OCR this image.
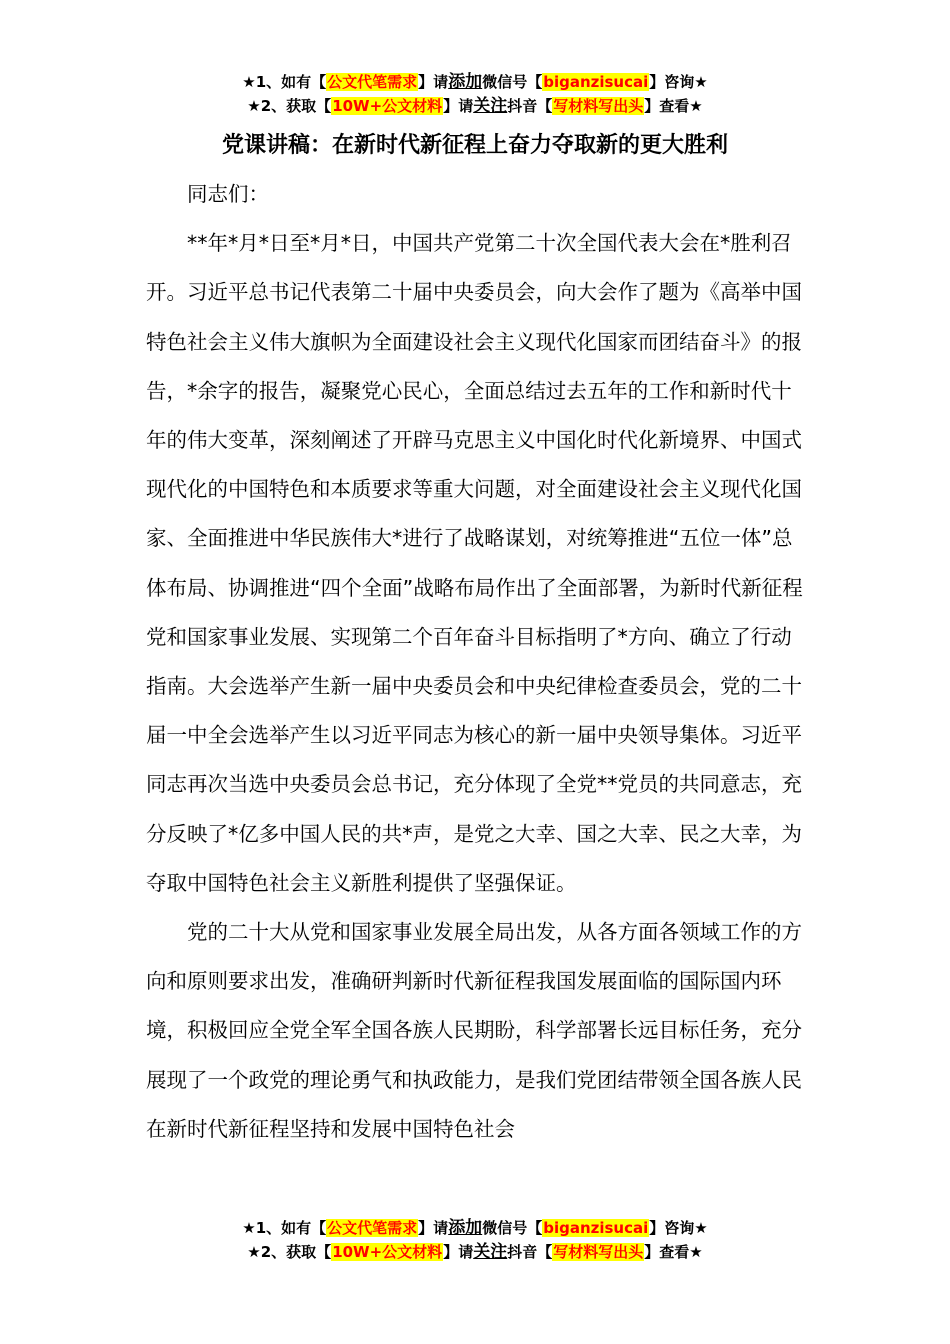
★1、如有【公文代笔需求】请添加微信号【biganzisucai】咨询★
★2、获取【10W+公文材料】请关注抖音【写材料写出头】查看★
党课讲稿：在新时代新征程上奋力夺取新的更大胜利

同志们：

**年*月*日至*月*日，中国共产党第二十次全国代表大会在*胜利召开。习近平总书记代表第二十届中央委员会，向大会作了题为《高举中国特色社会主义伟大旗帜为全面建设社会主义现代化国家而团结奋斗》的报告，*余字的报告，凝聚党心民心，全面总结过去五年的工作和新时代十年的伟大变革，深刻阐述了开辟马克思主义中国化时代化新境界、中国式现代化的中国特色和本质要求等重大问题，对全面建设社会主义现代化国家、全面推进中华民族伟大*进行了战略谋划，对统筹推进“五位一体”总体布局、协调推进“四个全面”战略布局作出了全面部署，为新时代新征程党和国家事业发展、实现第二个百年奋斗目标指明了*方向、确立了行动指南。大会选举产生新一届中央委员会和中央纪律检查委员会，党的二十届一中全会选举产生以习近平同志为核心的新一届中央领导集体。习近平同志再次当选中央委员会总书记，充分体现了全党**党员的共同意志，充分反映了*亿多中国人民的共*声，是党之大幸、国之大幸、民之大幸，为夺取中国特色社会主义新胜利提供了坚强保证。

党的二十大从党和国家事业发展全局出发，从各方面各领域工作的方向和原则要求出发，准确研判新时代新征程我国发展面临的国际国内环境，积极回应全党全军全国各族人民期盼，科学部署长远目标任务，充分展现了一个政党的理论勇气和执政能力，是我们党团结带领全国各族人民在新时代新征程坚持和发展中国特色社会

★1、如有【公文代笔需求】请添加微信号【biganzisucai】咨询★
★2、获取【10W+公文材料】请关注抖音【写材料写出头】查看★
